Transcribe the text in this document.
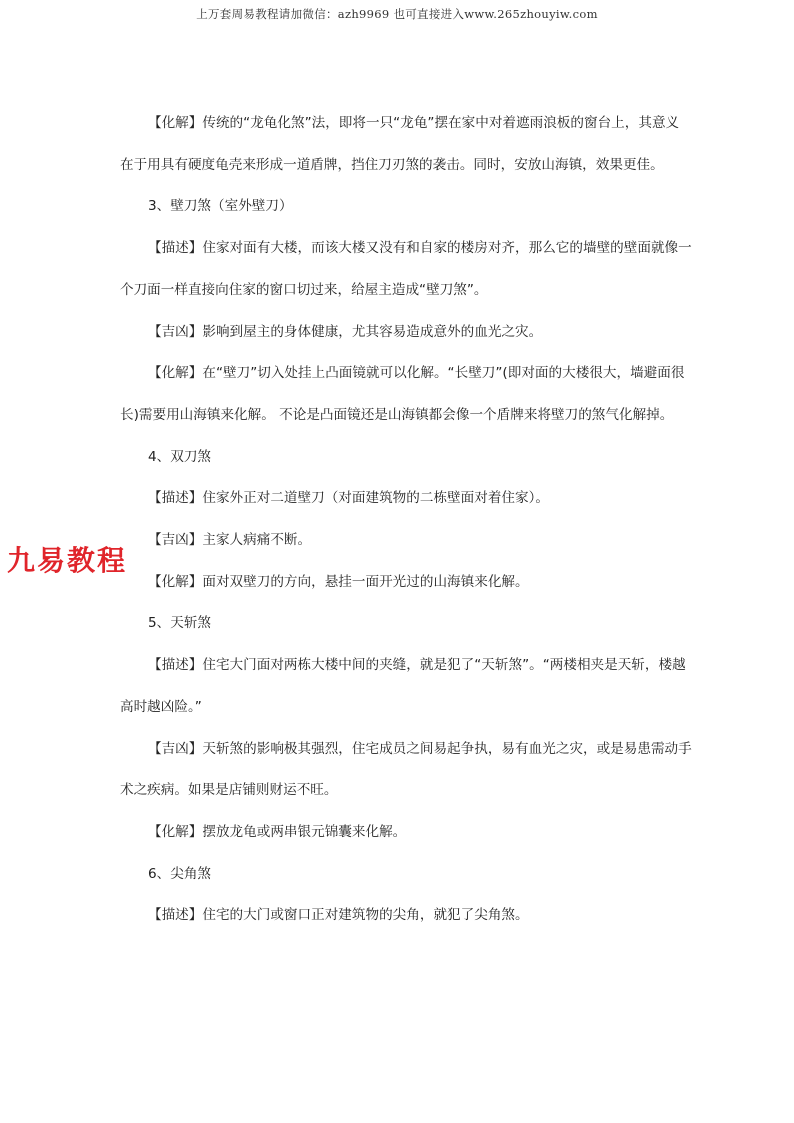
上万套周易教程请加微信：azh9969 也可直接进入www.265zhouyiw.com

【化解】传统的“龙龟化煞”法，即将一只“龙龟”摆在家中对着遮雨浪板的窗台上，其意义在于用具有硬度龟壳来形成一道盾牌，挡住刀刃煞的袭击。同时，安放山海镇，效果更佳。

3、壁刀煞（室外壁刀）

【描述】住家对面有大楼，而该大楼又没有和自家的楼房对齐，那么它的墙壁的壁面就像一个刀面一样直接向住家的窗口切过来，给屋主造成“壁刀煞”。

【吉凶】影响到屋主的身体健康，尤其容易造成意外的血光之灾。

【化解】在“壁刀”切入处挂上凸面镜就可以化解。“长壁刀”(即对面的大楼很大，墙避面很长)需要用山海镇来化解。 不论是凸面镜还是山海镇都会像一个盾牌来将壁刀的煞气化解掉。

4、双刀煞

【描述】住家外正对二道壁刀（对面建筑物的二栋壁面对着住家）。

【吉凶】主家人病痛不断。

【化解】面对双壁刀的方向，悬挂一面开光过的山海镇来化解。

5、天斩煞

【描述】住宅大门面对两栋大楼中间的夹缝，就是犯了“天斩煞”。“两楼相夹是天斩，楼越高时越凶险。”

【吉凶】天斩煞的影响极其强烈，住宅成员之间易起争执，易有血光之灾，或是易患需动手术之疾病。如果是店铺则财运不旺。

【化解】摆放龙龟或两串银元锦囊来化解。

6、尖角煞

【描述】住宅的大门或窗口正对建筑物的尖角，就犯了尖角煞。

九易教程
